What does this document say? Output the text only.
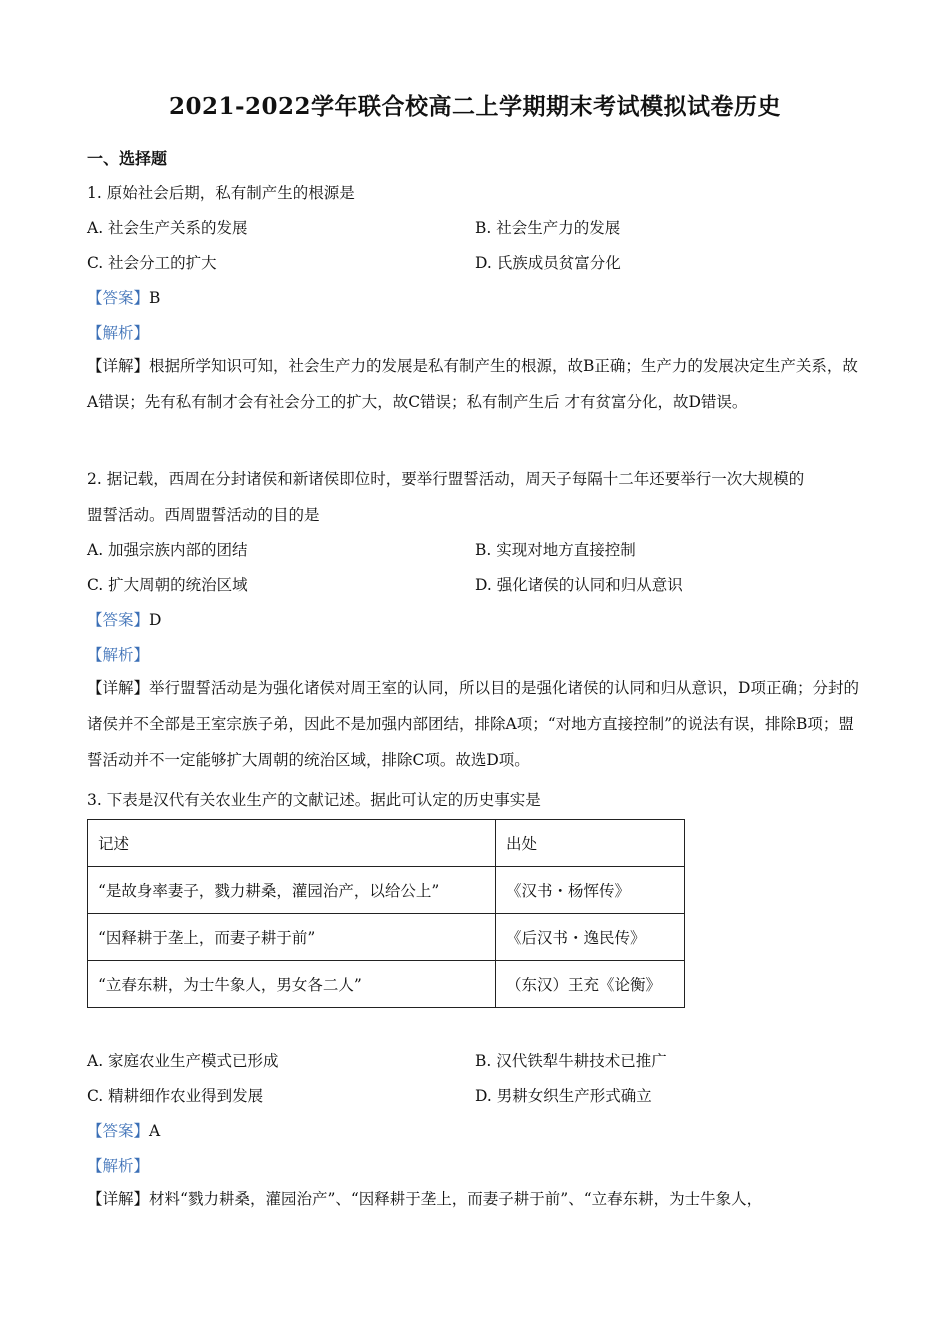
2021-2022学年联合校高二上学期期末考试模拟试卷历史
一、选择题
1. 原始社会后期，私有制产生的根源是
A. 社会生产关系的发展	B. 社会生产力的发展
C. 社会分工的扩大	D. 氏族成员贫富分化
【答案】B
【解析】
【详解】根据所学知识可知，社会生产力的发展是私有制产生的根源，故B正确；生产力的发展决定生产关系，故A错误；先有私有制才会有社会分工的扩大，故C错误；私有制产生后 才有贫富分化，故D错误。
2. 据记载，西周在分封诸侯和新诸侯即位时，要举行盟誓活动，周天子每隔十二年还要举行一次大规模的
盟誓活动。西周盟誓活动的目的是
A. 加强宗族内部的团结	B. 实现对地方直接控制
C. 扩大周朝的统治区域	D. 强化诸侯的认同和归从意识
【答案】D
【解析】
【详解】举行盟誓活动是为强化诸侯对周王室的认同，所以目的是强化诸侯的认同和归从意识，D项正确；分封的诸侯并不全部是王室宗族子弟，因此不是加强内部团结，排除A项；“对地方直接控制”的说法有误，排除B项；盟誓活动并不一定能够扩大周朝的统治区域，排除C项。故选D项。
3. 下表是汉代有关农业生产的文献记述。据此可认定的历史事实是
记述	出处
“是故身率妻子，戮力耕桑，灌园治产，以给公上”	《汉书・杨恽传》
“因释耕于垄上，而妻子耕于前”	《后汉书・逸民传》
“立春东耕，为士牛象人，男女各二人”	（东汉）王充《论衡》
A. 家庭农业生产模式已形成	B. 汉代铁犁牛耕技术已推广
C. 精耕细作农业得到发展	D. 男耕女织生产形式确立
【答案】A
【解析】
【详解】材料“戮力耕桑，灌园治产”、“因释耕于垄上，而妻子耕于前”、“立春东耕，为士牛象人，
